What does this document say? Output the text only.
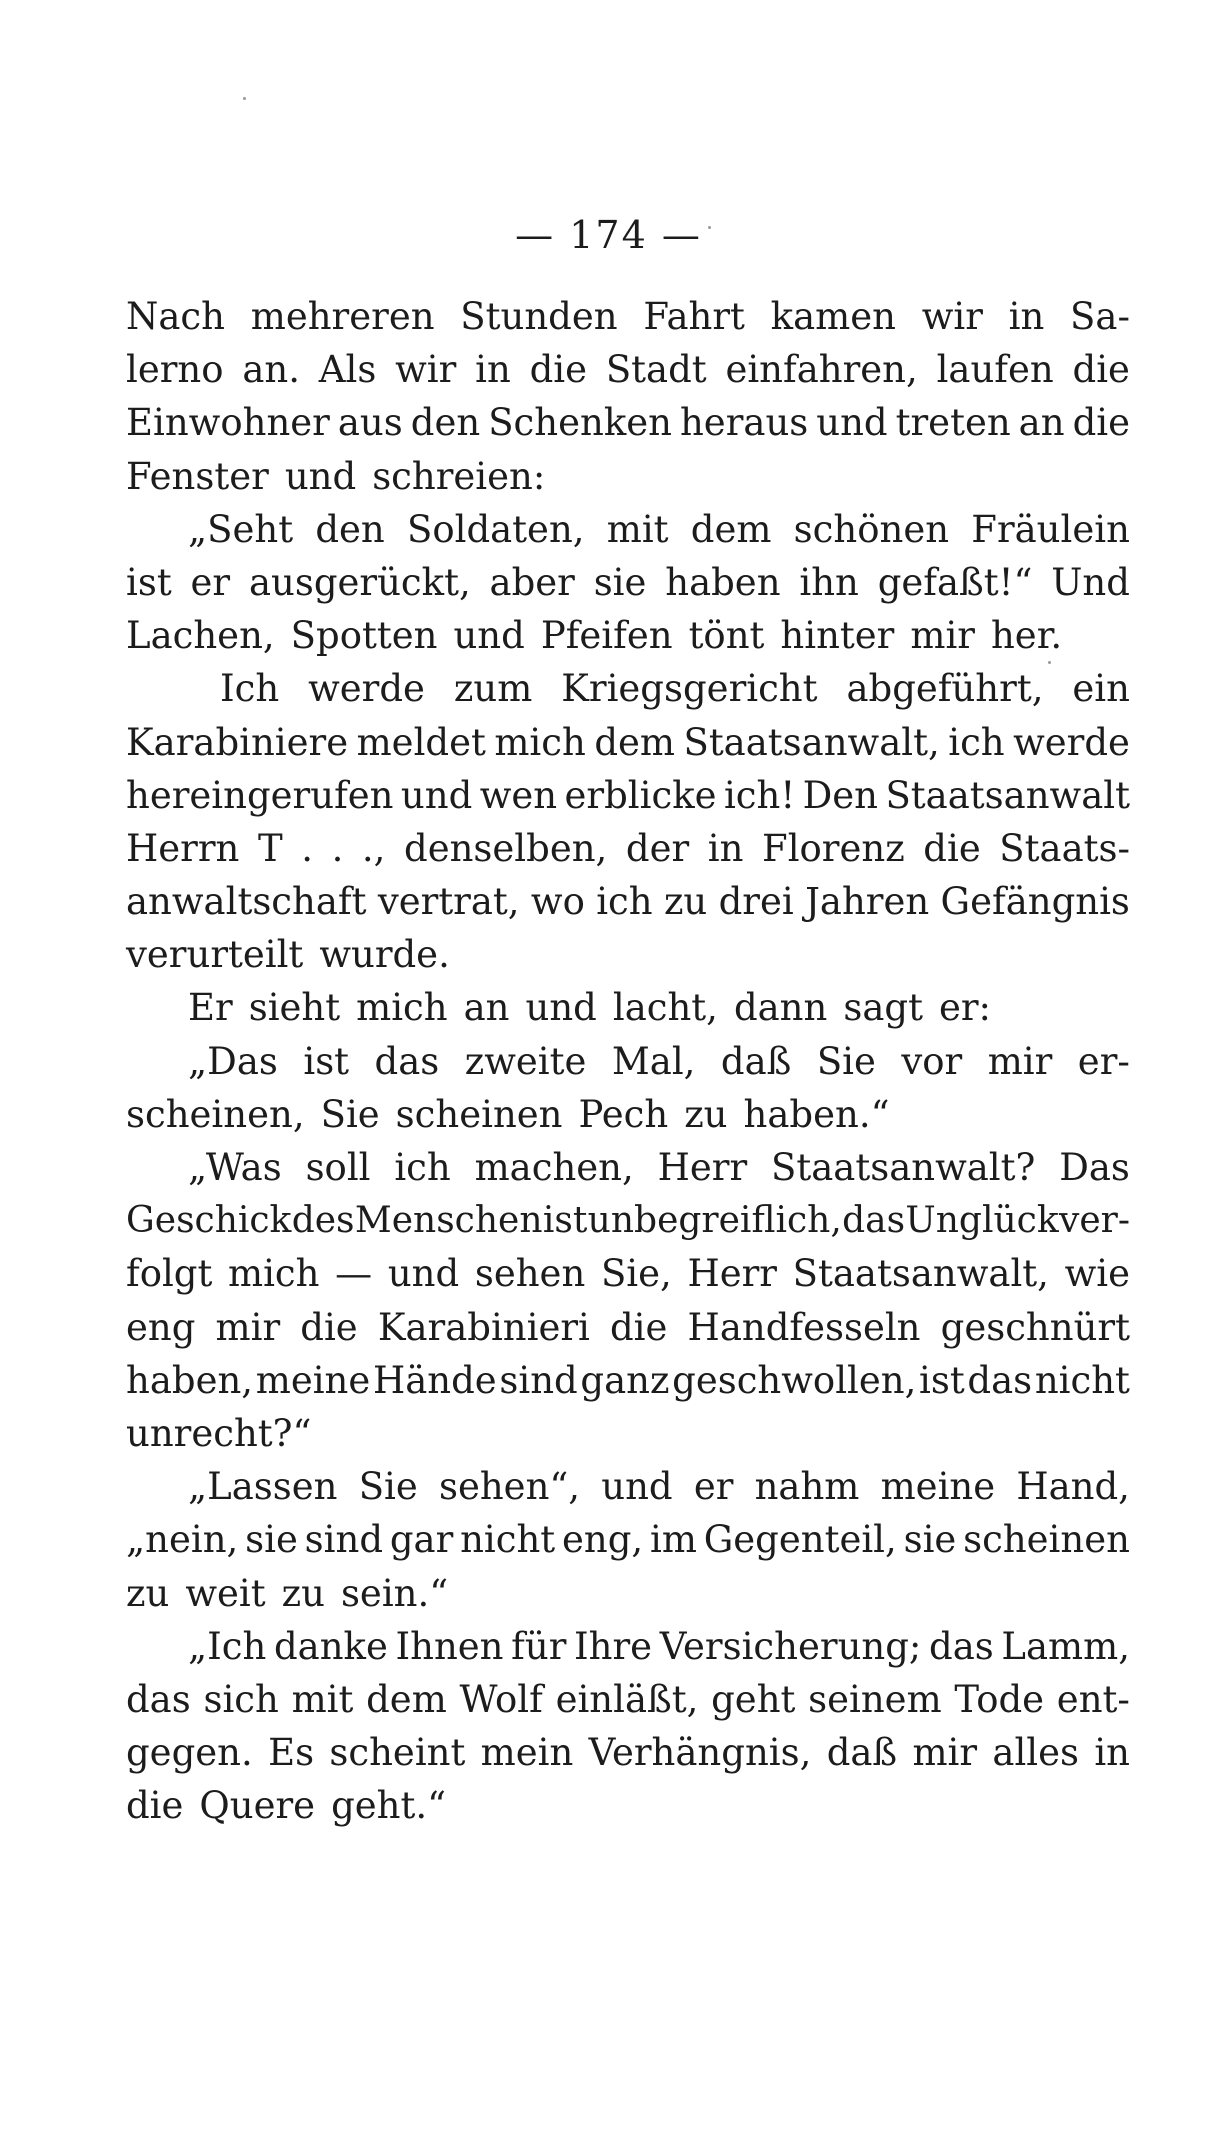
— 174 —
Nach mehreren Stunden Fahrt kamen wir in Sa-
lerno an. Als wir in die Stadt einfahren, laufen die
Einwohner aus den Schenken heraus und treten an die
Fenster und schreien:
„Seht den Soldaten, mit dem schönen Fräulein
ist er ausgerückt, aber sie haben ihn gefaßt!“ Und
Lachen, Spotten und Pfeifen tönt hinter mir her.
Ich werde zum Kriegsgericht abgeführt, ein
Karabiniere meldet mich dem Staatsanwalt, ich werde
hereingerufen und wen erblicke ich! Den Staatsanwalt
Herrn T . . ., denselben, der in Florenz die Staats-
anwaltschaft vertrat, wo ich zu drei Jahren Gefängnis
verurteilt wurde.
Er sieht mich an und lacht, dann sagt er:
„Das ist das zweite Mal, daß Sie vor mir er-
scheinen, Sie scheinen Pech zu haben.“
„Was soll ich machen, Herr Staatsanwalt? Das
Geschick des Menschen ist unbegreiflich, das Unglück ver-
folgt mich — und sehen Sie, Herr Staatsanwalt, wie
eng mir die Karabinieri die Handfesseln geschnürt
haben, meine Hände sind ganz geschwollen, ist das nicht
unrecht?“
„Lassen Sie sehen“, und er nahm meine Hand,
„nein, sie sind gar nicht eng, im Gegenteil, sie scheinen
zu weit zu sein.“
„Ich danke Ihnen für Ihre Versicherung; das Lamm,
das sich mit dem Wolf einläßt, geht seinem Tode ent-
gegen. Es scheint mein Verhängnis, daß mir alles in
die Quere geht.“
